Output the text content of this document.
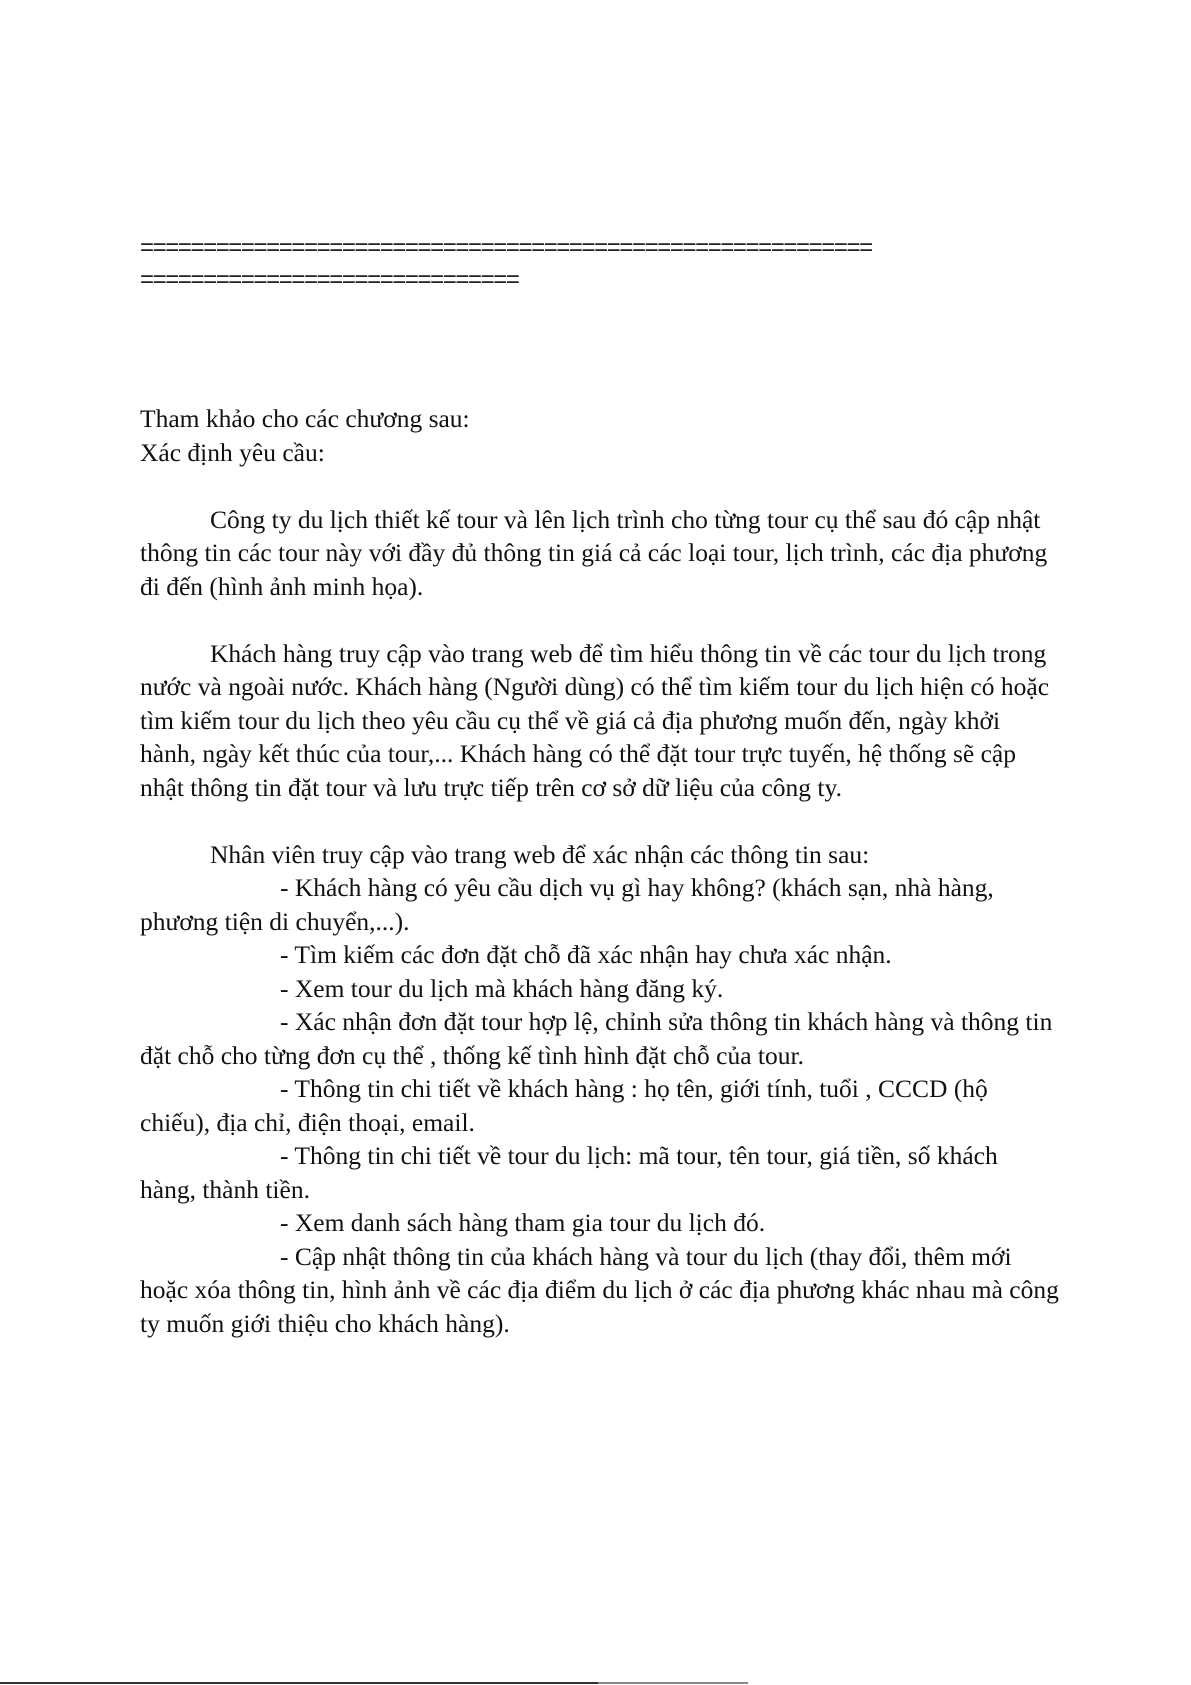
==========================================================
==============================

Tham khảo cho các chương sau:

Xác định yêu cầu:

Công ty du lịch thiết kế tour và lên lịch trình cho từng tour cụ thể sau đó cập nhật thông tin các tour này với đầy đủ thông tin giá cả các loại tour, lịch trình, các địa phương đi đến (hình ảnh minh họa).

Khách hàng truy cập vào trang web để tìm hiểu thông tin về các tour du lịch trong nước và ngoài nước. Khách hàng (Người dùng) có thể tìm kiếm tour du lịch hiện có hoặc tìm kiếm tour du lịch theo yêu cầu cụ thể về giá cả địa phương muốn đến, ngày khởi hành, ngày kết thúc của tour,... Khách hàng có thể đặt tour trực tuyến, hệ thống sẽ cập nhật thông tin đặt tour và lưu trực tiếp trên cơ sở dữ liệu của công ty.

Nhân viên truy cập vào trang web để xác nhận các thông tin sau:

- Khách hàng có yêu cầu dịch vụ gì hay không? (khách sạn, nhà hàng, phương tiện di chuyển,...).

- Tìm kiếm các đơn đặt chỗ đã xác nhận hay chưa xác nhận.

- Xem tour du lịch mà khách hàng đăng ký.

- Xác nhận đơn đặt tour hợp lệ, chỉnh sửa thông tin khách hàng và thông tin đặt chỗ cho từng đơn cụ thể , thống kế tình hình đặt chỗ của tour.

- Thông tin chi tiết về khách hàng : họ tên, giới tính, tuổi , CCCD (hộ chiếu), địa chỉ, điện thoại, email.

- Thông tin chi tiết về tour du lịch: mã tour, tên tour, giá tiền, số khách hàng, thành tiền.

- Xem danh sách hàng tham gia tour du lịch đó.

- Cập nhật thông tin của khách hàng và tour du lịch (thay đổi, thêm mới hoặc xóa thông tin, hình ảnh về các địa điểm du lịch ở các địa phương khác nhau mà công ty muốn giới thiệu cho khách hàng).
